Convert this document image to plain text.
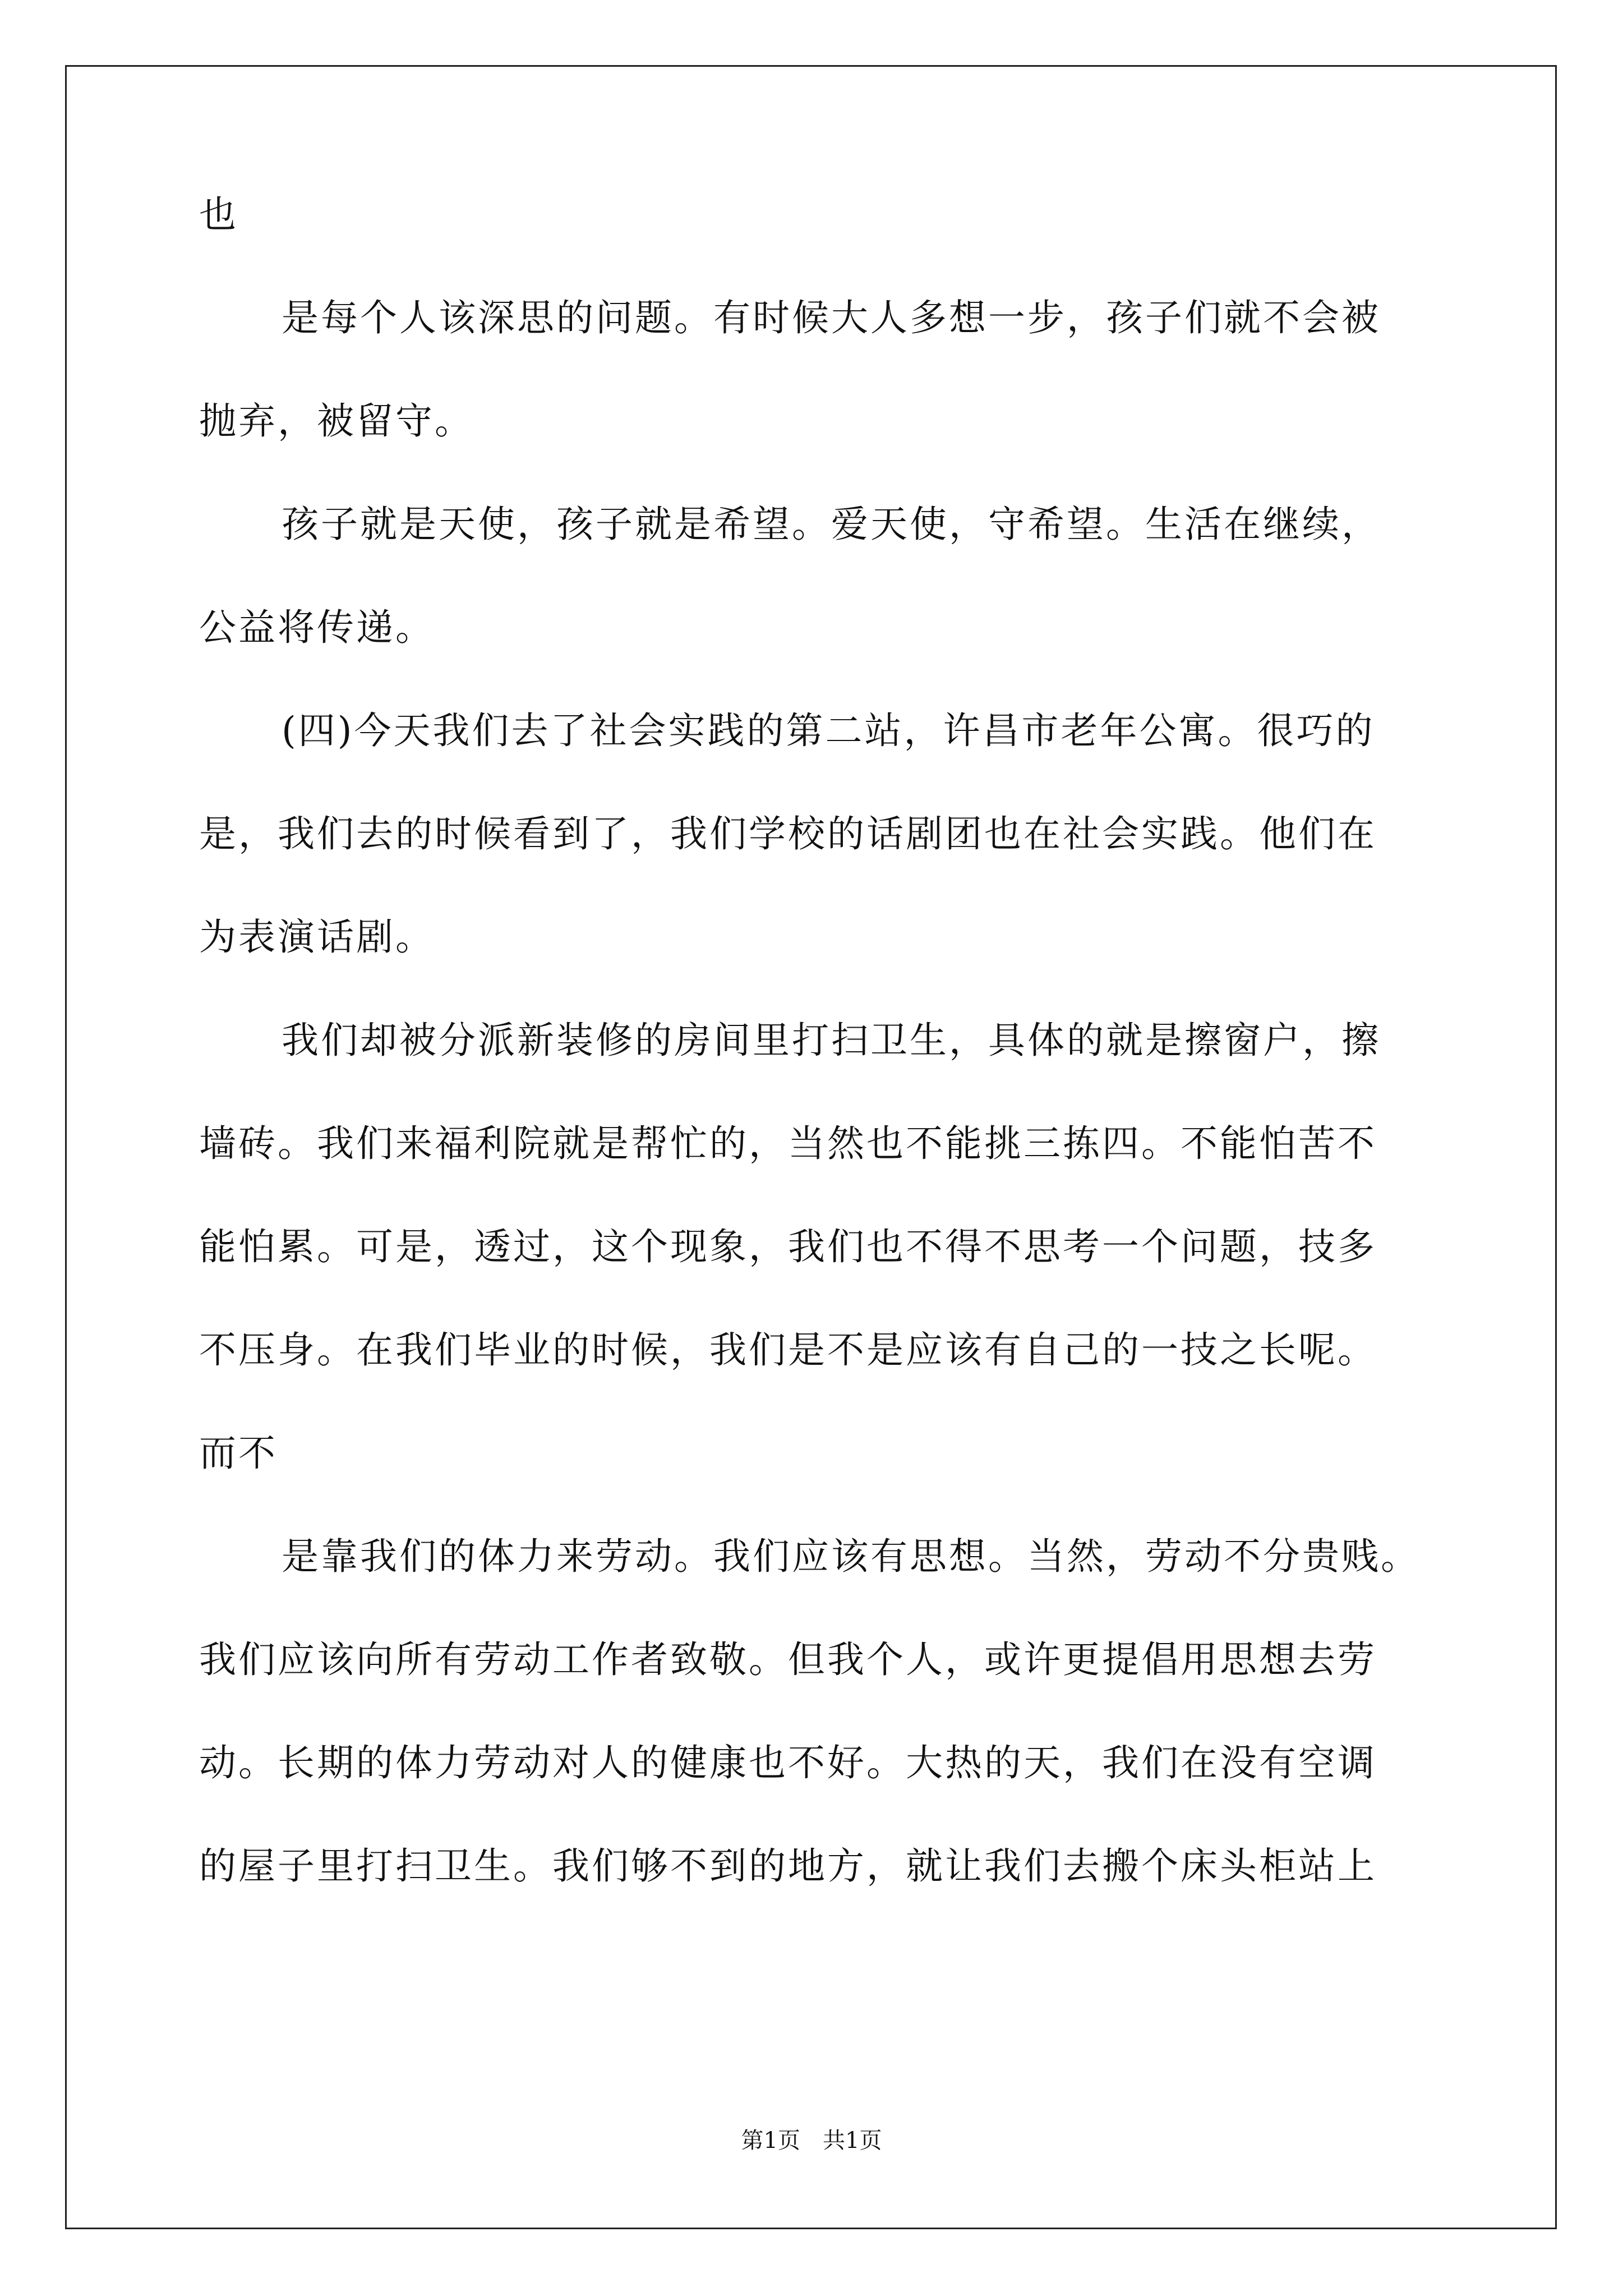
也
是每个人该深思的问题。有时候大人多想一步，孩子们就不会被
抛弃，被留守。
孩子就是天使，孩子就是希望。爱天使，守希望。生活在继续，
公益将传递。
(四)今天我们去了社会实践的第二站，许昌市老年公寓。很巧的
是，我们去的时候看到了，我们学校的话剧团也在社会实践。他们在
为表演话剧。
我们却被分派新装修的房间里打扫卫生，具体的就是擦窗户，擦
墙砖。我们来福利院就是帮忙的，当然也不能挑三拣四。不能怕苦不
能怕累。可是，透过，这个现象，我们也不得不思考一个问题，技多
不压身。在我们毕业的时候，我们是不是应该有自己的一技之长呢。
而不
是靠我们的体力来劳动。我们应该有思想。当然，劳动不分贵贱。
我们应该向所有劳动工作者致敬。但我个人，或许更提倡用思想去劳
动。长期的体力劳动对人的健康也不好。大热的天，我们在没有空调
的屋子里打扫卫生。我们够不到的地方，就让我们去搬个床头柜站上
第1页　共1页
